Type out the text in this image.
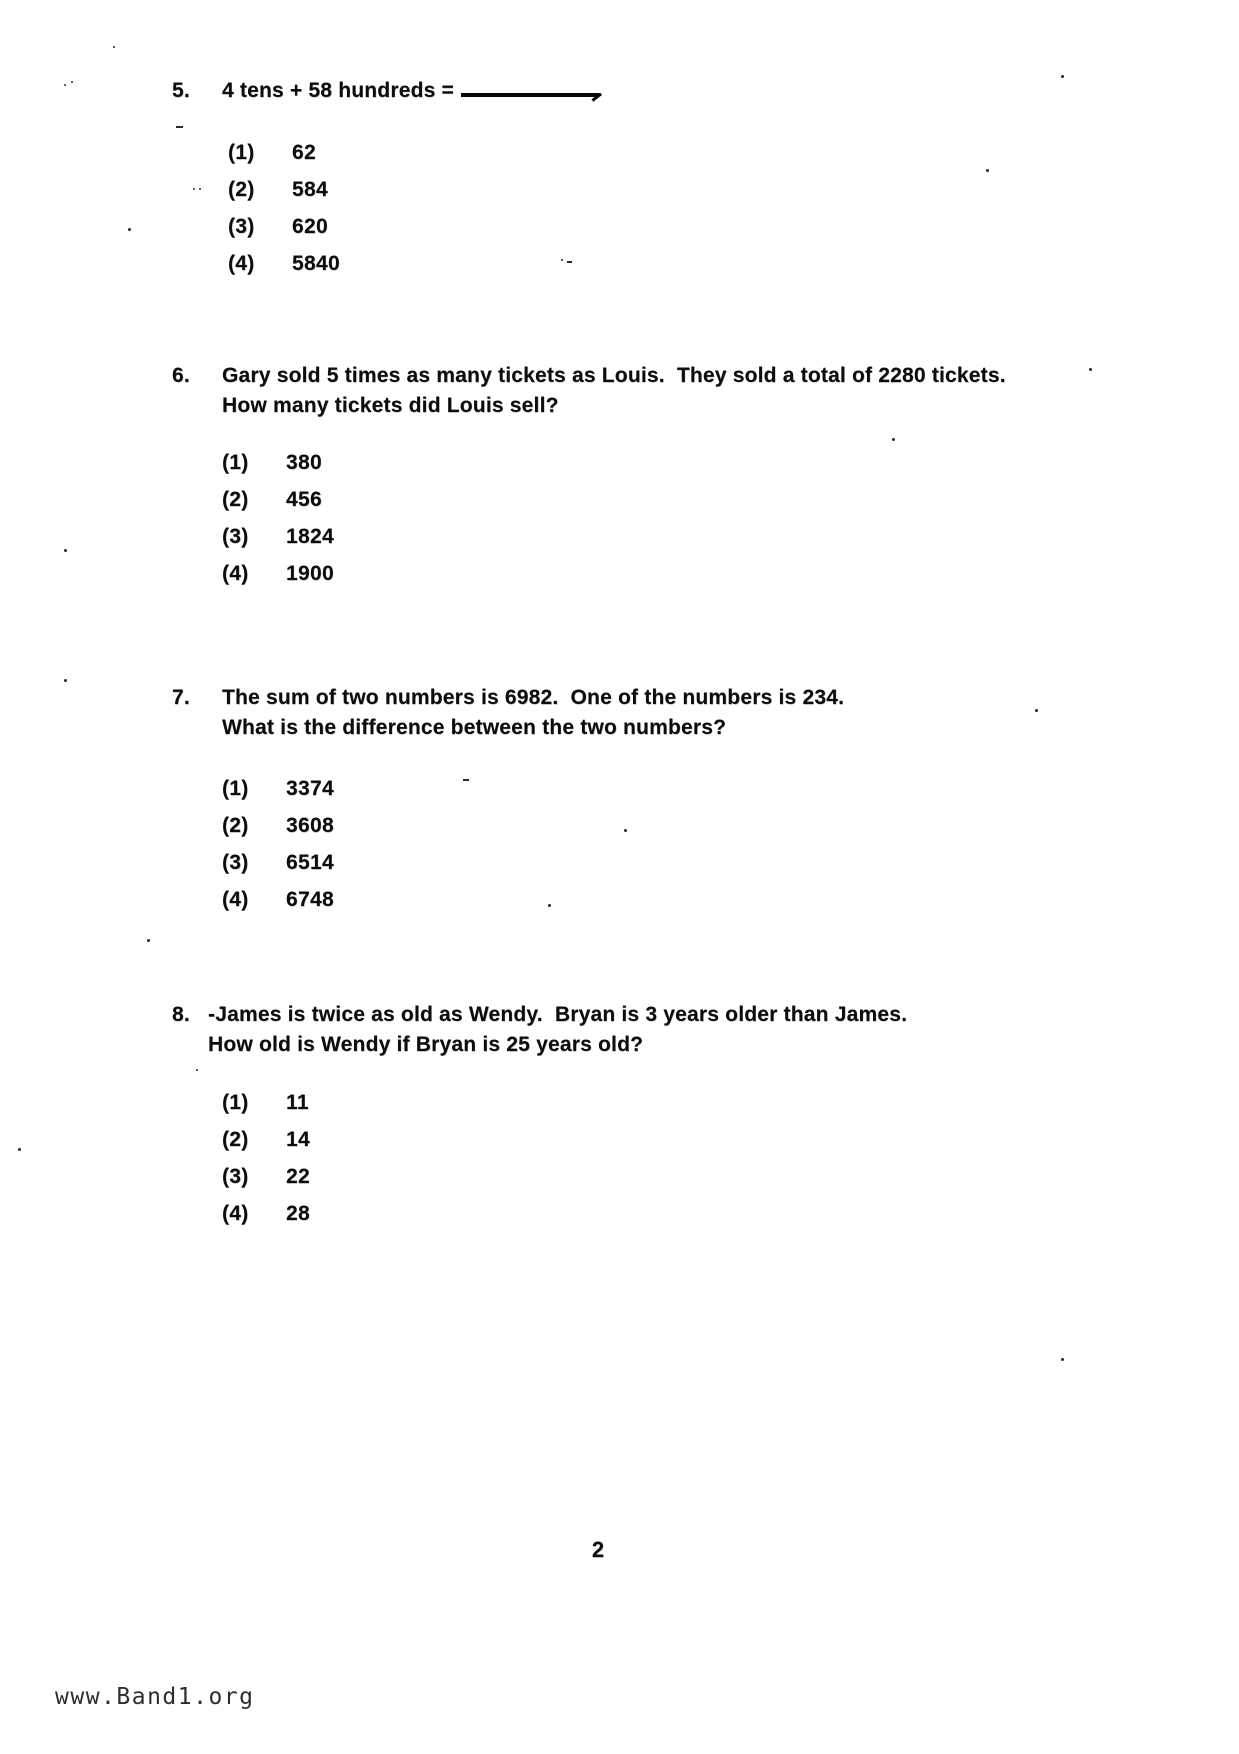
5.	4 tens + 58 hundreds =
(1)	62
(2)	584
(3)	620
(4)	5840
6.	Gary sold 5 times as many tickets as Louis.  They sold a total of 2280 tickets.
How many tickets did Louis sell?
(1)	380
(2)	456
(3)	1824
(4)	1900
7.	The sum of two numbers is 6982.  One of the numbers is 234.
What is the difference between the two numbers?
(1)	3374
(2)	3608
(3)	6514
(4)	6748
8. -James is twice as old as Wendy.  Bryan is 3 years older than James.
How old is Wendy if Bryan is 25 years old?
(1)	11
(2)	14
(3)	22
(4)	28
2
www.Band1.org
